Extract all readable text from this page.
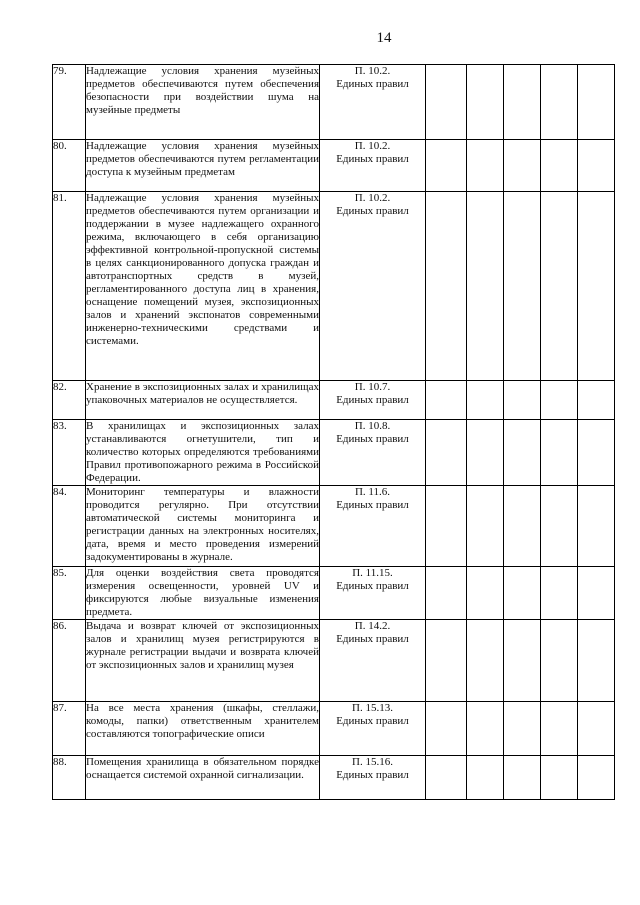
14
79.	Надлежащие условия хранения музейных предметов обеспечиваются путем обеспечения безопасности при воздействии шума на музейные предметы	П. 10.2.
Единых правил					

80.	Надлежащие условия хранения музейных предметов обеспечиваются путем регламентации доступа к музейным предметам	П. 10.2.
Единых правил					

81.	Надлежащие условия хранения музейных предметов обеспечиваются путем организации и поддержании в музее надлежащего охранного режима, включающего в себя организацию эффективной контрольной-пропускной системы в целях санкционированного допуска граждан и автотранспортных средств в музей, регламентированного доступа лиц в хранения, оснащение помещений музея, экспозиционных залов и хранений экспонатов современными инженерно-техническими средствами и системами.	П. 10.2.
Единых правил					

82.	Хранение в экспозиционных залах и хранилищах упаковочных материалов не осуществляется.	П. 10.7.
Единых правил					

83.	В хранилищах и экспозиционных залах устанавливаются огнетушители, тип и количество которых определяются требованиями Правил противопожарного режима в Российской Федерации.	П. 10.8.
Единых правил					

84.	Мониторинг температуры и влажности проводится регулярно. При отсутствии автоматической системы мониторинга и регистрации данных на электронных носителях, дата, время и место проведения измерений задокументированы в журнале.	П. 11.6.
Единых правил					

85.	Для оценки воздействия света проводятся измерения освещенности, уровней UV и фиксируются любые визуальные изменения предмета.	П. 11.15.
Единых правил					

86.	Выдача и возврат ключей от экспозиционных залов и хранилищ музея регистрируются в журнале регистрации выдачи и возврата ключей от экспозиционных залов и хранилищ музея	П. 14.2.
Единых правил					

87.	На все места хранения (шкафы, стеллажи, комоды, папки) ответственным хранителем составляются топографические описи	П. 15.13.
Единых правил					

88.	Помещения хранилища в обязательном порядке оснащается системой охранной сигнализации.	П. 15.16.
Единых правил					
